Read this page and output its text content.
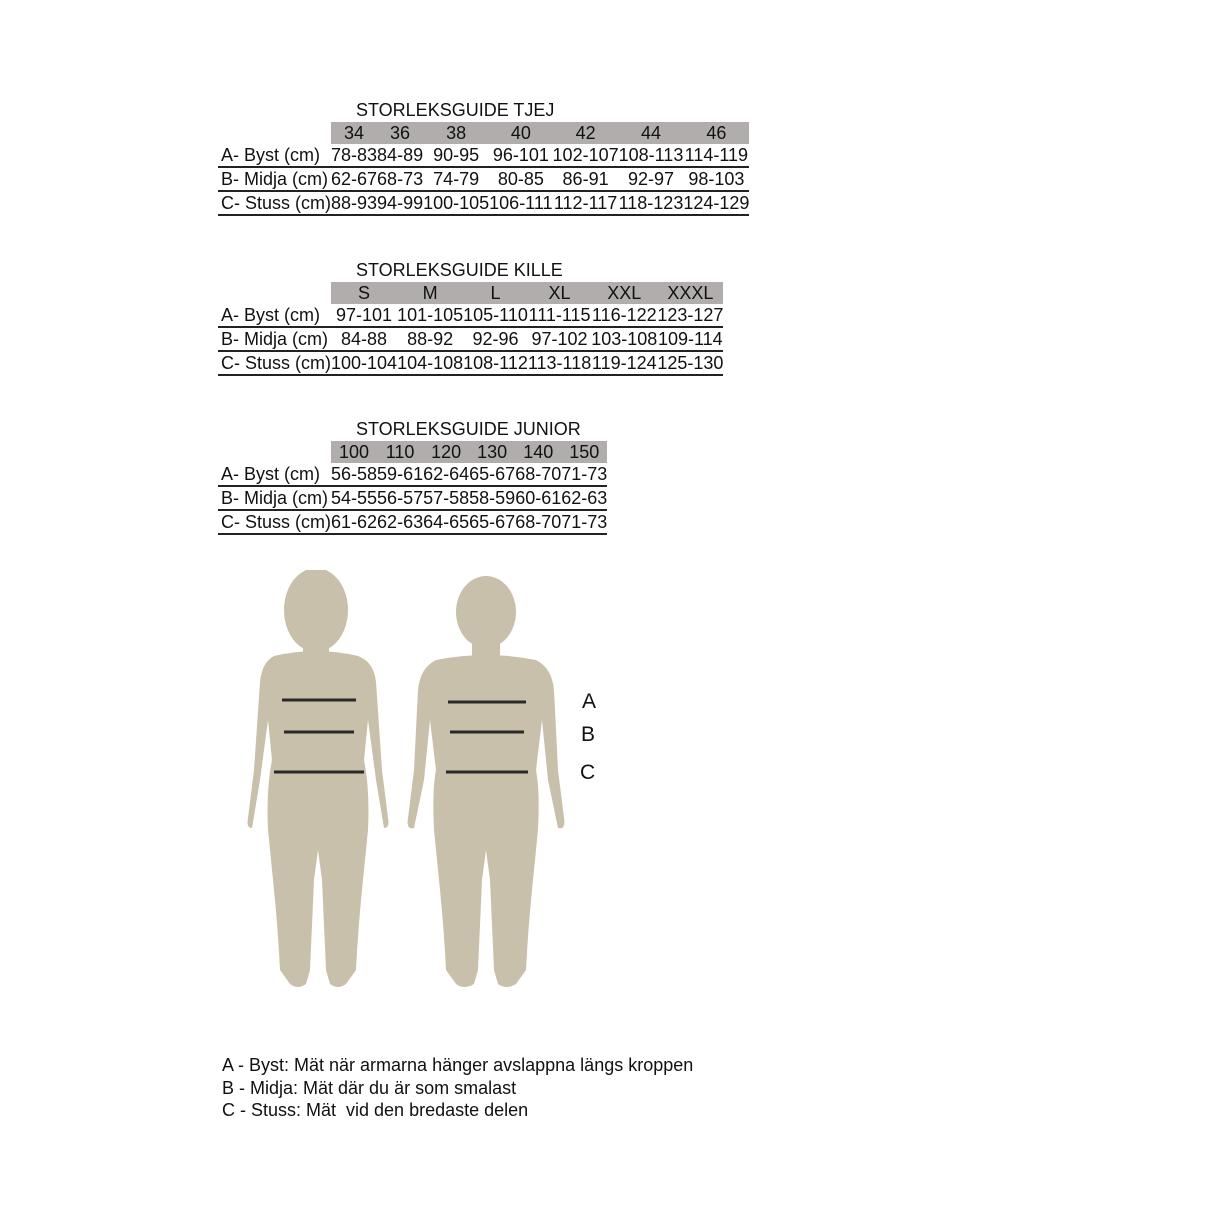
STORLEKSGUIDE TJEJ
	34	36	38	40	42	44	46
A- Byst (cm)	78-83	84-89	90-95	96-101	102-107	108-113	114-119
B- Midja (cm)	62-67	68-73	74-79	80-85	86-91	92-97	98-103
C- Stuss (cm)	88-93	94-99	100-105	106-111	112-117	118-123	124-129
STORLEKSGUIDE KILLE
	S	M	L	XL	XXL	XXXL
A- Byst (cm)	97-101	101-105	105-110	111-115	116-122	123-127
B- Midja (cm)	84-88	88-92	92-96	97-102	103-108	109-114
C- Stuss (cm)	100-104	104-108	108-112	113-118	119-124	125-130
STORLEKSGUIDE JUNIOR
	100	110	120	130	140	150
A- Byst (cm)	56-58	59-61	62-64	65-67	68-70	71-73
B- Midja (cm)	54-55	56-57	57-58	58-59	60-61	62-63
C- Stuss (cm)	61-62	62-63	64-65	65-67	68-70	71-73
A
B
C
A - Byst: Mät när armarna hänger avslappna längs kroppen
B - Midja: Mät där du är som smalast
C - Stuss: Mät  vid den bredaste delen
